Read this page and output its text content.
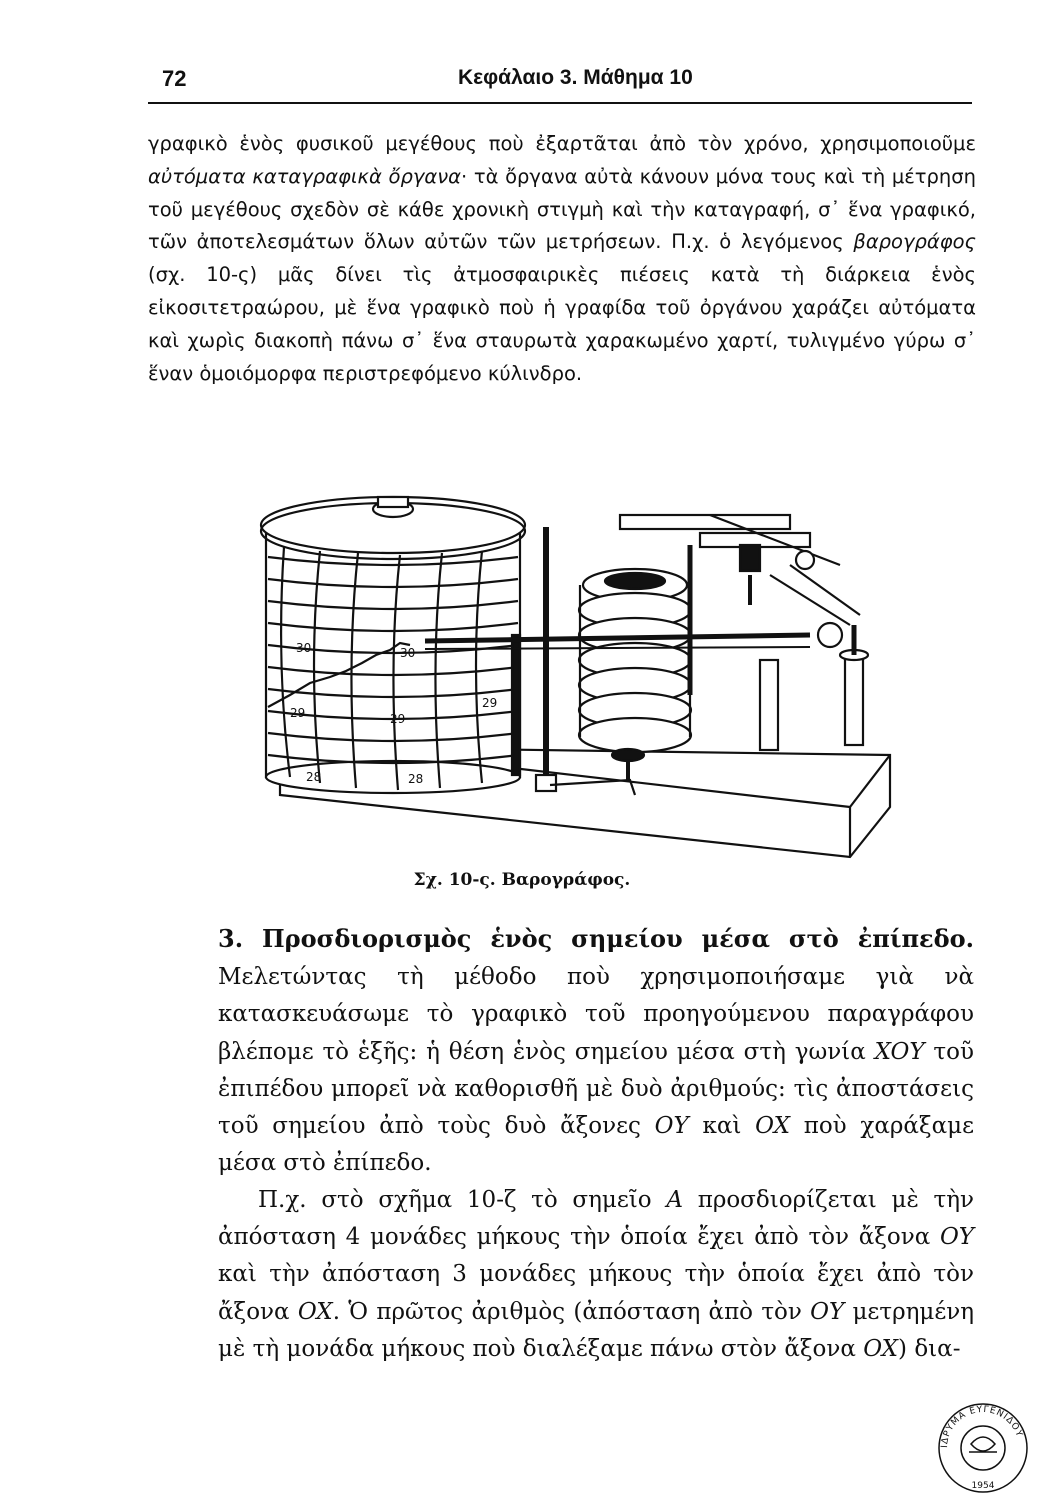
72	Κεφάλαιο 3. Μάθημα 10

γραφικὸ ἑνὸς φυσικοῦ μεγέθους ποὺ ἐξαρτᾶται ἀπὸ τὸν χρόνο, χρησιμοποιοῦμε αὐτόματα καταγραφικὰ ὄργανα· τὰ ὄργανα αὐτὰ κάνουν μόνα τους καὶ τὴ μέτρηση τοῦ μεγέθους σχεδὸν σὲ κάθε χρονικὴ στιγμὴ καὶ τὴν καταγραφή, σ᾽ ἕνα γραφικό, τῶν ἀποτελεσμάτων ὅλων αὐτῶν τῶν μετρήσεων. Π.χ. ὁ λεγόμενος βαρογράφος (σχ. 10-ς) μᾶς δίνει τὶς ἀτμοσφαιρικὲς πιέσεις κατὰ τὴ διάρκεια ἑνὸς εἰκοσιτετραώρου, μὲ ἕνα γραφικὸ ποὺ ἡ γραφίδα τοῦ ὀργάνου χαράζει αὐτόματα καὶ χωρὶς διακοπὴ πάνω σ᾽ ἕνα σταυρωτὰ χαρακωμένο χαρτί, τυλιγμένο γύρω σ᾽ ἕναν ὁμοιόμορφα περιστρεφόμενο κύλινδρο.

30	30
29	29
29
28	28
Σχ. 10-ς. Βαρογράφος.

3. Προσδιορισμὸς ἑνὸς σημείου μέσα στὸ ἐπίπεδο. Μελετώντας τὴ μέθοδο ποὺ χρησιμοποιήσαμε γιὰ νὰ κατασκευάσωμε τὸ γραφικὸ τοῦ προηγούμενου παραγράφου βλέπομε τὸ ἑξῆς: ἡ θέση ἑνὸς σημείου μέσα στὴ γωνία XOY τοῦ ἐπιπέδου μπορεῖ νὰ καθορισθῆ μὲ δυὸ ἀριθμούς: τὶς ἀποστάσεις τοῦ σημείου ἀπὸ τοὺς δυὸ ἄξονες OY καὶ OX ποὺ χαράξαμε μέσα στὸ ἐπίπεδο.

Π.χ. στὸ σχῆμα 10-ζ τὸ σημεῖο A προσδιορίζεται μὲ τὴν ἀπόσταση 4 μονάδες μήκους τὴν ὁποία ἔχει ἀπὸ τὸν ἄξονα OY καὶ τὴν ἀπόσταση 3 μονάδες μήκους τὴν ὁποία ἔχει ἀπὸ τὸν ἄξονα OX. Ὁ πρῶτος ἀριθμὸς (ἀπόσταση ἀπὸ τὸν OY μετρημένη μὲ τὴ μονάδα μήκους ποὺ διαλέξαμε πάνω στὸν ἄξονα OX) δια-

ΙΔΡΥΜΑ ΕΥΓΕΝΙΔΟΥ
1954
